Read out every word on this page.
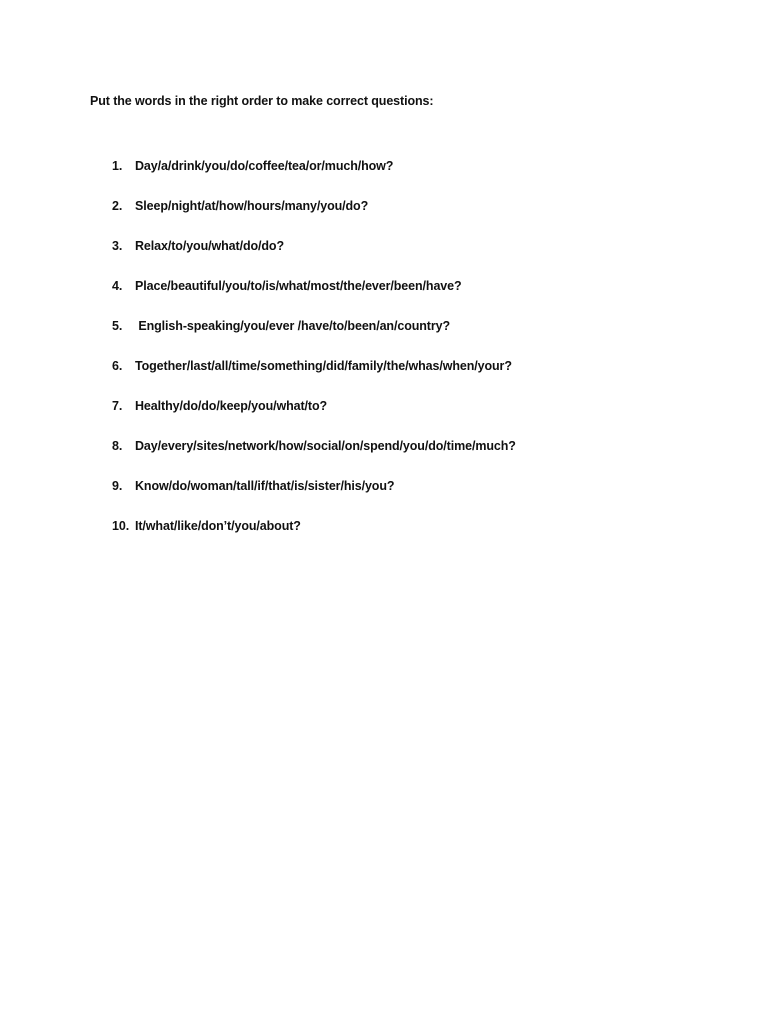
Put the words in the right order to make correct questions:
1. Day/a/drink/you/do/coffee/tea/or/much/how?
2. Sleep/night/at/how/hours/many/you/do?
3. Relax/to/you/what/do/do?
4. Place/beautiful/you/to/is/what/most/the/ever/been/have?
5. English-speaking/you/ever /have/to/been/an/country?
6. Together/last/all/time/something/did/family/the/whas/when/your?
7. Healthy/do/do/keep/you/what/to?
8. Day/every/sites/network/how/social/on/spend/you/do/time/much?
9. Know/do/woman/tall/if/that/is/sister/his/you?
10. It/what/like/don’t/you/about?
